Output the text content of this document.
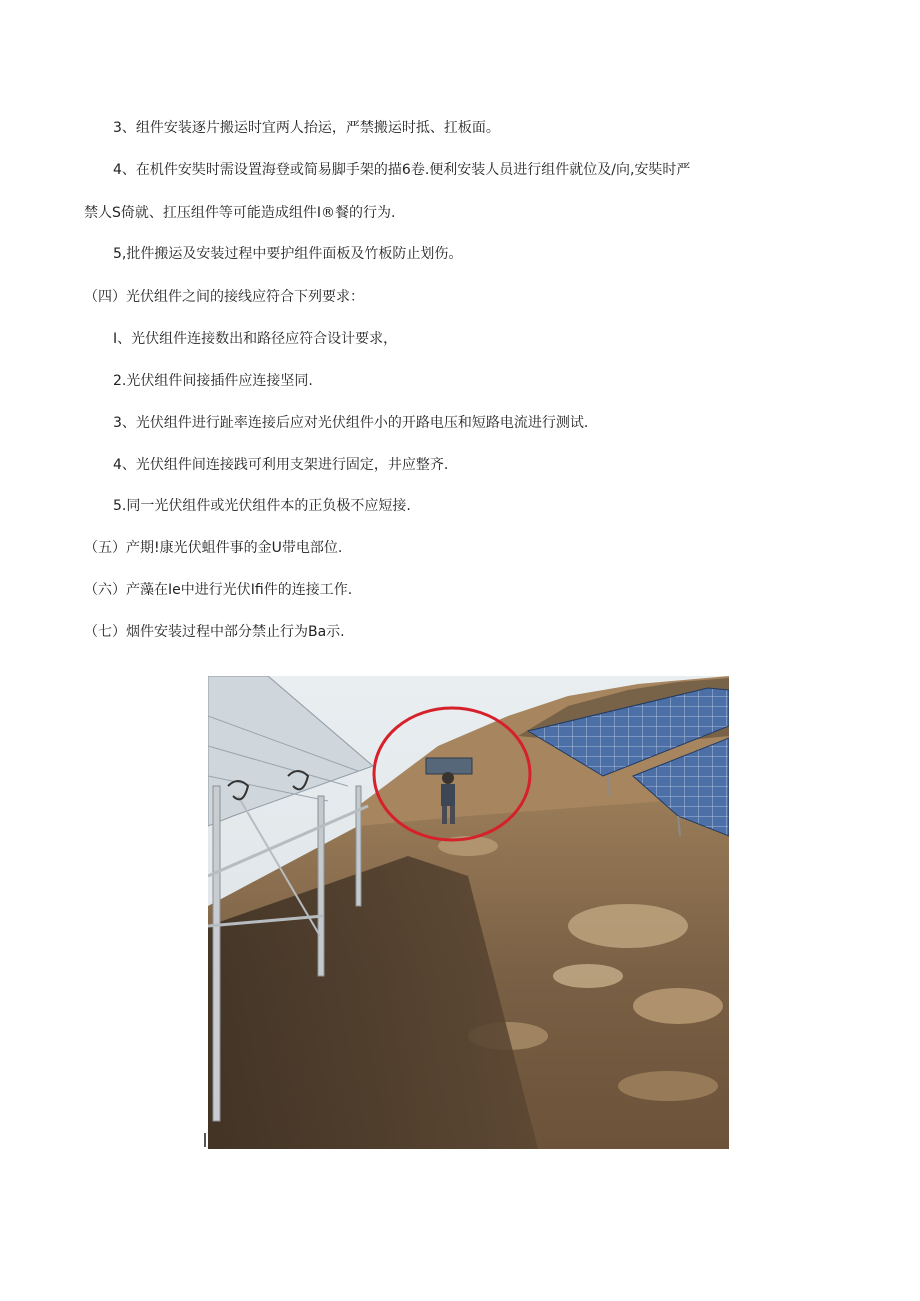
3、组件安装逐片搬运时宜两人抬运，严禁搬运时抵、扛板面。
4、在机件安奘时需设置海登或简易脚手架的描6卷.便利安装人员进行组件就位及/向,安奘时严
禁人S倚就、扛压组件等可能造成组件I®餐的行为.
5,批件搬运及安装过程中要护组件面板及竹板防止划伤。
（四）光伏组件之间的接线应符合下列要求：
I、光伏组件连接数出和路径应符合设计要求，
2.光伏组件间接插件应连接坚同.
3、光伏组件进行趾率连接后应对光伏组件小的开路电压和短路电流进行测试.
4、光伏组件间连接践可利用支架进行固定，井应整齐.
5.同一光伏组件或光伏组件本的正负极不应短接.
（五）产期!康光伏蛆件事的金U带电部位.
（六）产藻在Ie中进行光伏Ifi件的连接工作.
（七）烟件安装过程中部分禁止行为Ba示.
